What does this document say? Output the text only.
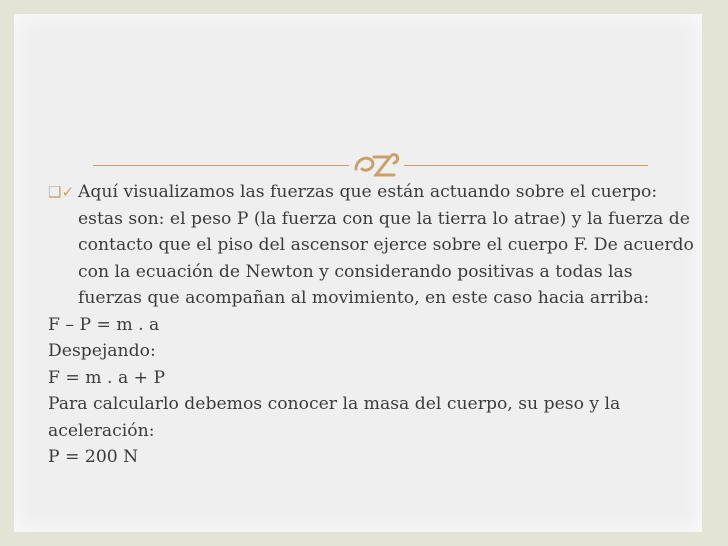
❑✓ Aquí visualizamos las fuerzas que están actuando sobre el cuerpo: estas son: el peso P (la fuerza con que la tierra lo atrae) y la fuerza de contacto que el piso del ascensor ejerce sobre el cuerpo F. De acuerdo con la ecuación de Newton y considerando positivas a todas las fuerzas que acompañan al movimiento, en este caso hacia arriba:

F – P = m . a

Despejando:

F = m . a + P

Para calcularlo debemos conocer la masa del cuerpo, su peso y la aceleración:

P = 200 N
